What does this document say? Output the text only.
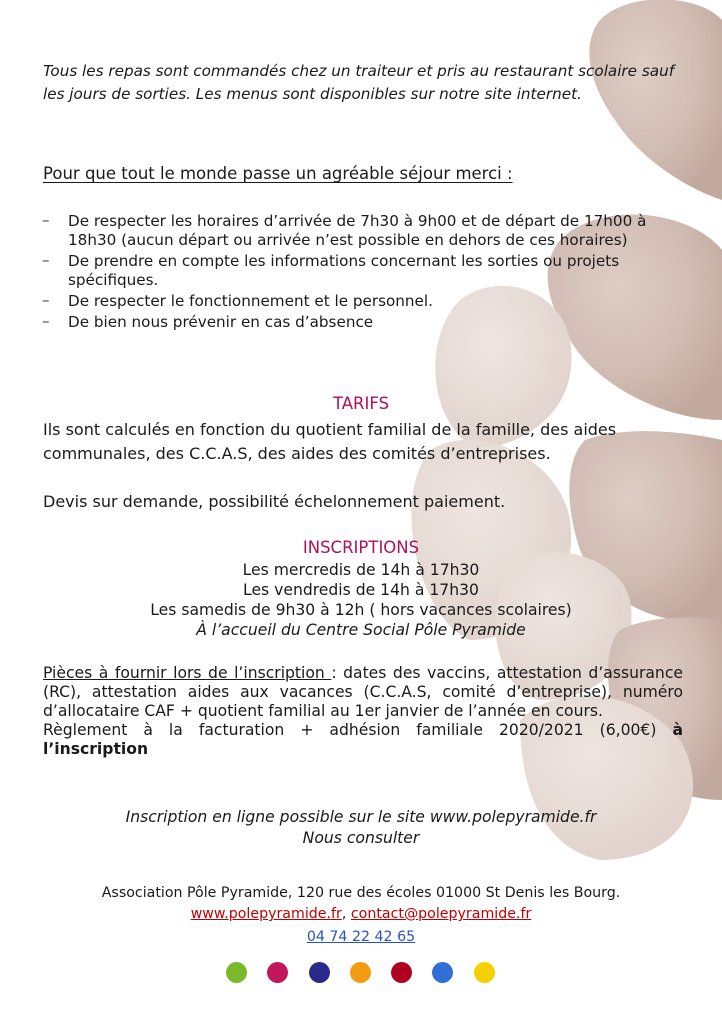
Tous les repas sont commandés chez un traiteur et pris au restaurant scolaire sauf les jours de sorties. Les menus sont disponibles sur notre site internet.
Pour que tout le monde passe un agréable séjour merci :
– De respecter les horaires d’arrivée de 7h30 à 9h00 et de départ de 17h00 à 18h30 (aucun départ ou arrivée n’est possible en dehors de ces horaires)
– De prendre en compte les informations concernant les sorties ou projets spécifiques.
– De respecter le fonctionnement et le personnel.
– De bien nous prévenir en cas d’absence
TARIFS
Ils sont calculés en fonction du quotient familial de la famille, des aides communales, des C.C.A.S, des aides des comités d’entreprises.
Devis sur demande, possibilité échelonnement paiement.
INSCRIPTIONS
Les mercredis de 14h à 17h30
Les vendredis de 14h à 17h30
Les samedis de 9h30 à 12h ( hors vacances scolaires)
À l’accueil du Centre Social Pôle Pyramide
Pièces à fournir lors de l’inscription : dates des vaccins, attestation d’assurance (RC), attestation aides aux vacances (C.C.A.S, comité d’entreprise), numéro d’allocataire CAF + quotient familial au 1er janvier de l’année en cours.
Règlement à la facturation + adhésion familiale 2020/2021 (6,00€) à l’inscription
Inscription en ligne possible sur le site www.polepyramide.fr
Nous consulter
Association Pôle Pyramide, 120 rue des écoles 01000 St Denis les Bourg.
www.polepyramide.fr, contact@polepyramide.fr
04 74 22 42 65
